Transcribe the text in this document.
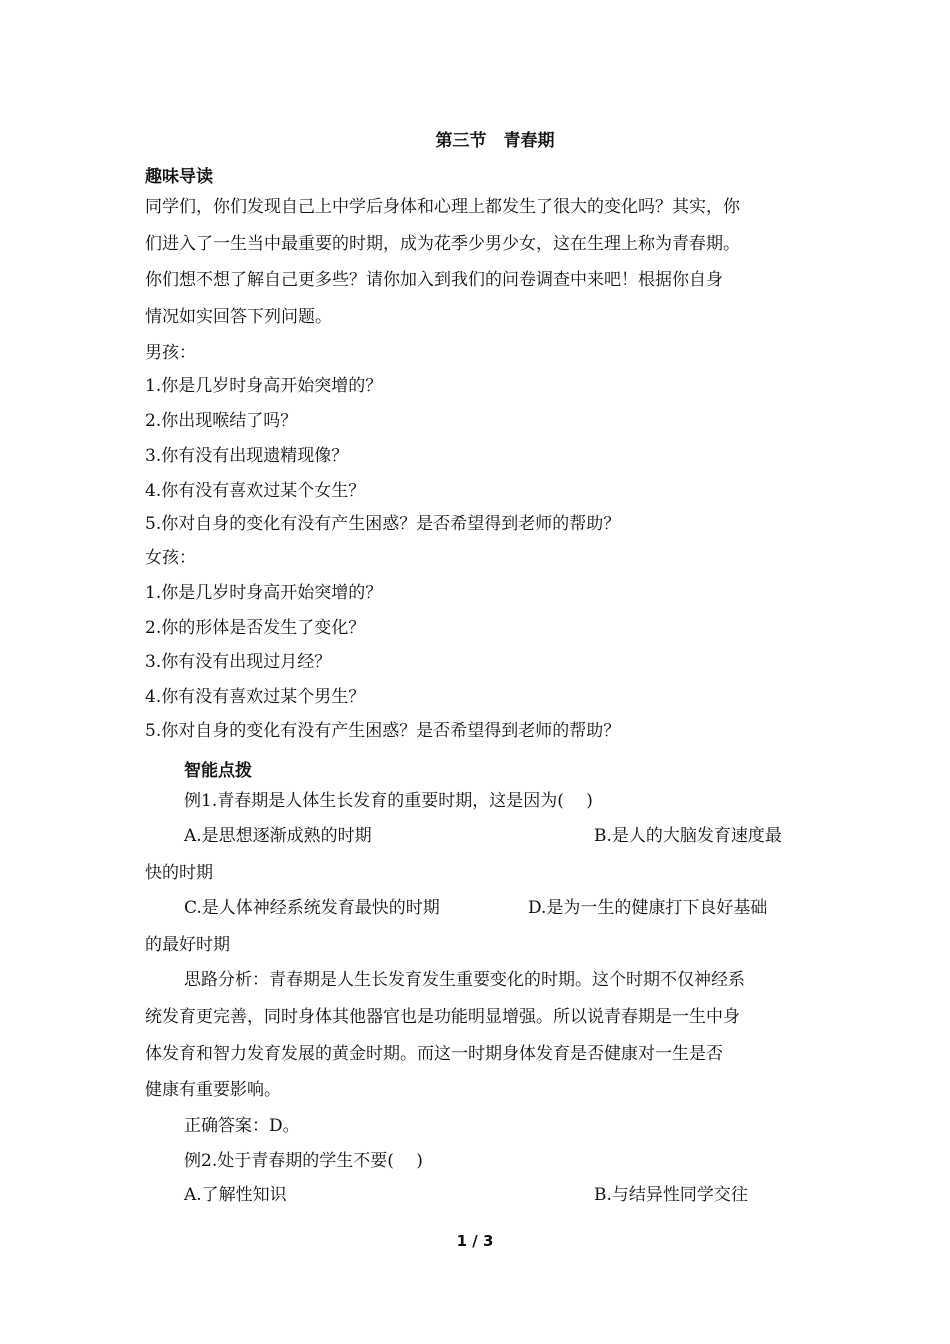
第三节　青春期
趣味导读
同学们，你们发现自己上中学后身体和心理上都发生了很大的变化吗？其实，你
们进入了一生当中最重要的时期，成为花季少男少女，这在生理上称为青春期。
你们想不想了解自己更多些？请你加入到我们的问卷调查中来吧！根据你自身
情况如实回答下列问题。
男孩：
1.你是几岁时身高开始突增的？
2.你出现喉结了吗？
3.你有没有出现遗精现像？
4.你有没有喜欢过某个女生？
5.你对自身的变化有没有产生困惑？是否希望得到老师的帮助？
女孩：
1.你是几岁时身高开始突增的？
2.你的形体是否发生了变化？
3.你有没有出现过月经？
4.你有没有喜欢过某个男生？
5.你对自身的变化有没有产生困惑？是否希望得到老师的帮助？
智能点拨
例1.青春期是人体生长发育的重要时期，这是因为(　 )
A.是思想逐渐成熟的时期	B.是人的大脑发育速度最
快的时期
C.是人体神经系统发育最快的时期	D.是为一生的健康打下良好基础
的最好时期
思路分析：青春期是人生长发育发生重要变化的时期。这个时期不仅神经系
统发育更完善，同时身体其他器官也是功能明显增强。所以说青春期是一生中身
体发育和智力发育发展的黄金时期。而这一时期身体发育是否健康对一生是否
健康有重要影响。
正确答案：D。
例2.处于青春期的学生不要(　 )
A.了解性知识	B.与结异性同学交往
1 / 3
